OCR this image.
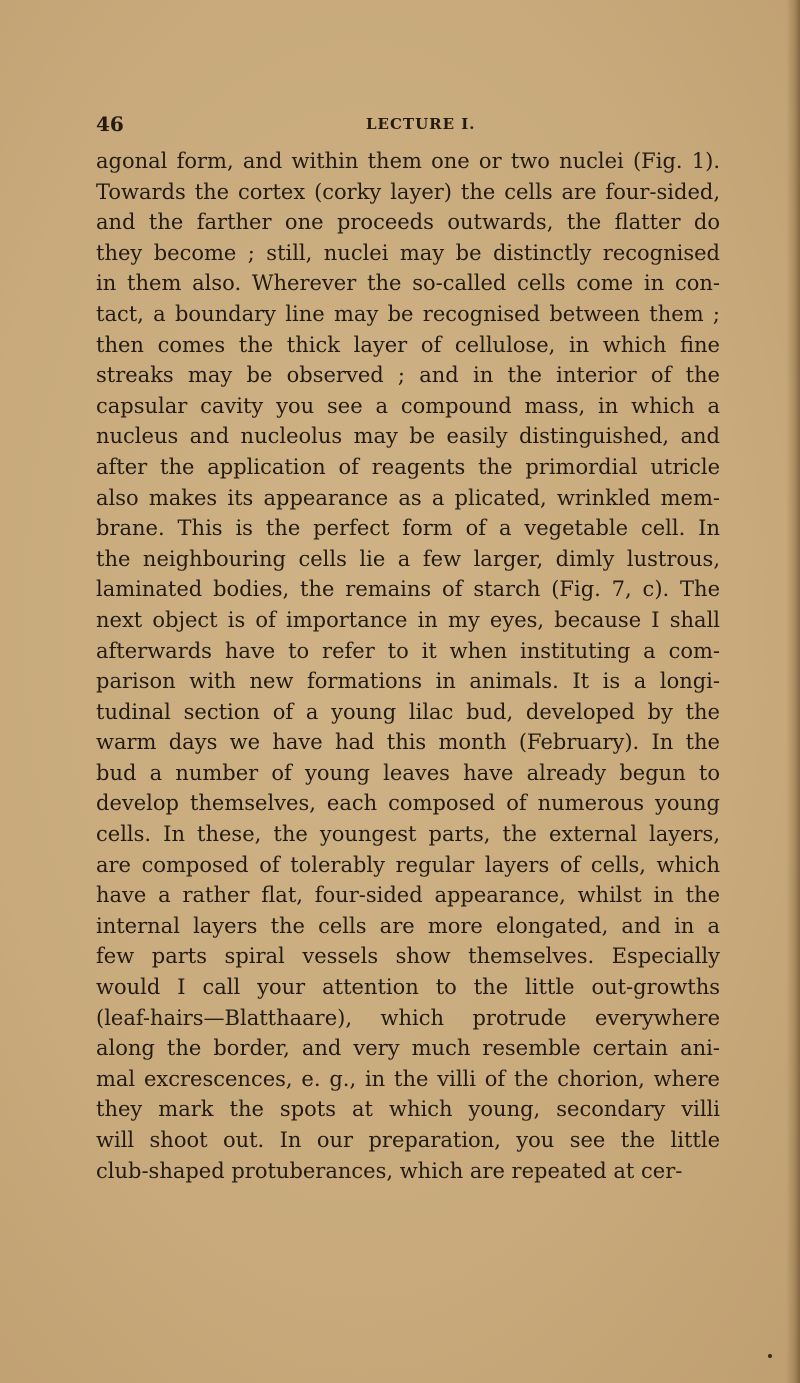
46	LECTURE I.
agonal form, and within them one or two nuclei (Fig. 1).
Towards the cortex (corky layer) the cells are four-sided,
and the farther one proceeds outwards, the flatter do
they become ; still, nuclei may be distinctly recognised
in them also. Wherever the so-called cells come in con-
tact, a boundary line may be recognised between them ;
then comes the thick layer of cellulose, in which fine
streaks may be observed ; and in the interior of the
capsular cavity you see a compound mass, in which a
nucleus and nucleolus may be easily distinguished, and
after the application of reagents the primordial utricle
also makes its appearance as a plicated, wrinkled mem-
brane. This is the perfect form of a vegetable cell. In
the neighbouring cells lie a few larger, dimly lustrous,
laminated bodies, the remains of starch (Fig. 7, c). The
next object is of importance in my eyes, because I shall
afterwards have to refer to it when instituting a com-
parison with new formations in animals. It is a longi-
tudinal section of a young lilac bud, developed by the
warm days we have had this month (February). In the
bud a number of young leaves have already begun to
develop themselves, each composed of numerous young
cells. In these, the youngest parts, the external layers,
are composed of tolerably regular layers of cells, which
have a rather flat, four-sided appearance, whilst in the
internal layers the cells are more elongated, and in a
few parts spiral vessels show themselves. Especially
would I call your attention to the little out-growths
(leaf-hairs—Blatthaare), which protrude everywhere
along the border, and very much resemble certain ani-
mal excrescences, e. g., in the villi of the chorion, where
they mark the spots at which young, secondary villi
will shoot out. In our preparation, you see the little
club-shaped protuberances, which are repeated at cer-
